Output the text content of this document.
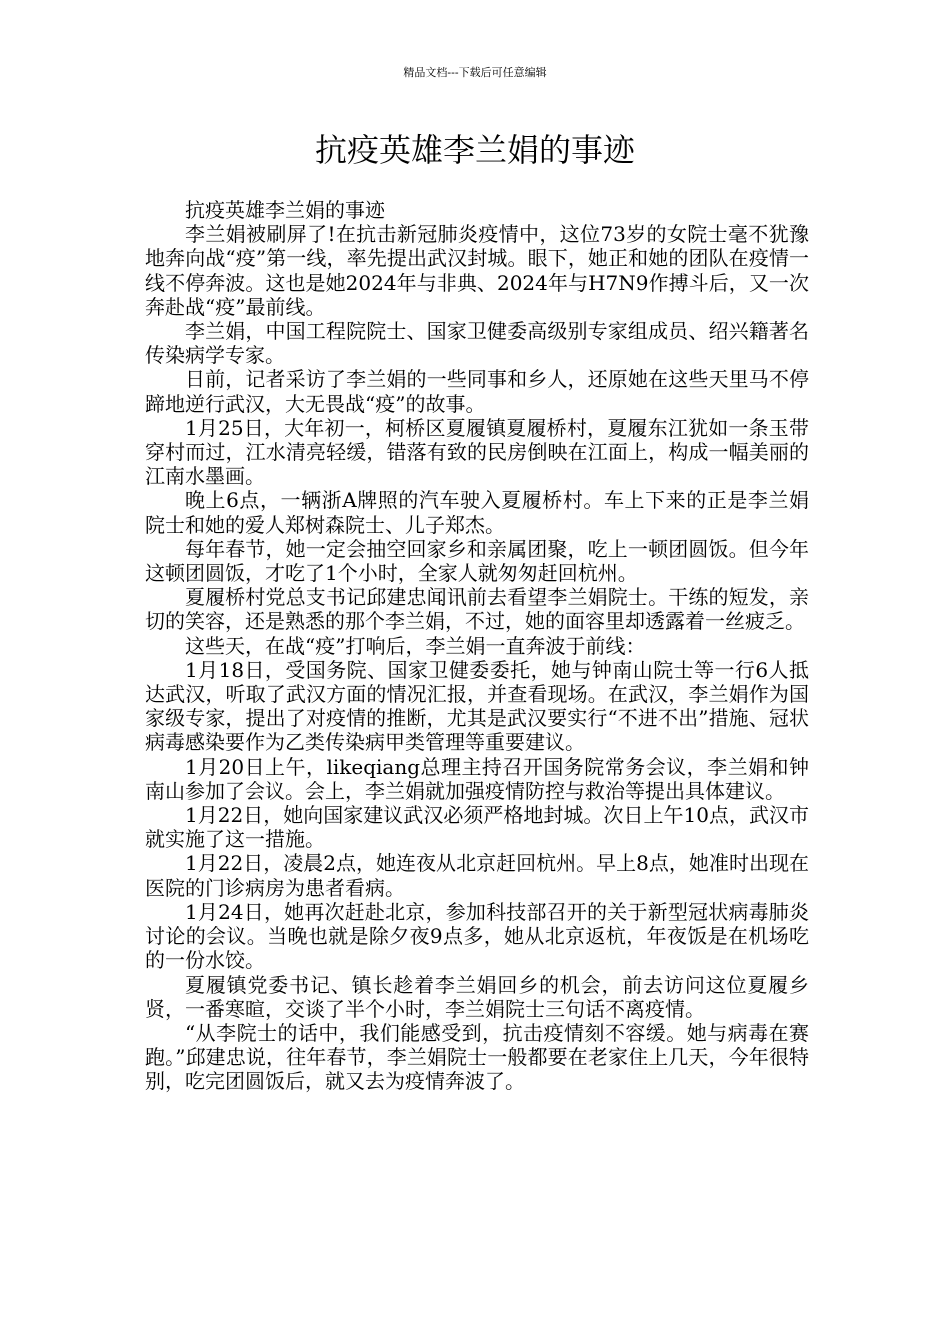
精品文档---下载后可任意编辑
抗疫英雄李兰娟的事迹

抗疫英雄李兰娟的事迹

李兰娟被刷屏了!在抗击新冠肺炎疫情中，这位73岁的女院士毫不犹豫地奔向战“疫”第一线，率先提出武汉封城。眼下，她正和她的团队在疫情一线不停奔波。这也是她2024年与非典、2024年与H7N9作搏斗后，又一次奔赴战“疫”最前线。

李兰娟，中国工程院院士、国家卫健委高级别专家组成员、绍兴籍著名传染病学专家。

日前，记者采访了李兰娟的一些同事和乡人，还原她在这些天里马不停蹄地逆行武汉，大无畏战“疫”的故事。

1月25日，大年初一，柯桥区夏履镇夏履桥村，夏履东江犹如一条玉带穿村而过，江水清亮轻缓，错落有致的民房倒映在江面上，构成一幅美丽的江南水墨画。

晚上6点，一辆浙A牌照的汽车驶入夏履桥村。车上下来的正是李兰娟院士和她的爱人郑树森院士、儿子郑杰。

每年春节，她一定会抽空回家乡和亲属团聚，吃上一顿团圆饭。但今年这顿团圆饭，才吃了1个小时，全家人就匆匆赶回杭州。

夏履桥村党总支书记邱建忠闻讯前去看望李兰娟院士。干练的短发，亲切的笑容，还是熟悉的那个李兰娟，不过，她的面容里却透露着一丝疲乏。

这些天，在战“疫”打响后，李兰娟一直奔波于前线：

1月18日，受国务院、国家卫健委委托，她与钟南山院士等一行6人抵达武汉，听取了武汉方面的情况汇报，并查看现场。在武汉，李兰娟作为国家级专家，提出了对疫情的推断，尤其是武汉要实行“不进不出”措施、冠状病毒感染要作为乙类传染病甲类管理等重要建议。

1月20日上午，likeqiang总理主持召开国务院常务会议，李兰娟和钟南山参加了会议。会上，李兰娟就加强疫情防控与救治等提出具体建议。

1月22日，她向国家建议武汉必须严格地封城。次日上午10点，武汉市就实施了这一措施。

1月22日，凌晨2点，她连夜从北京赶回杭州。早上8点，她准时出现在医院的门诊病房为患者看病。

1月24日，她再次赶赴北京，参加科技部召开的关于新型冠状病毒肺炎讨论的会议。当晚也就是除夕夜9点多，她从北京返杭，年夜饭是在机场吃的一份水饺。

夏履镇党委书记、镇长趁着李兰娟回乡的机会，前去访问这位夏履乡贤，一番寒暄，交谈了半个小时，李兰娟院士三句话不离疫情。

“从李院士的话中，我们能感受到，抗击疫情刻不容缓。她与病毒在赛跑。”邱建忠说，往年春节，李兰娟院士一般都要在老家住上几天，今年很特别，吃完团圆饭后，就又去为疫情奔波了。
